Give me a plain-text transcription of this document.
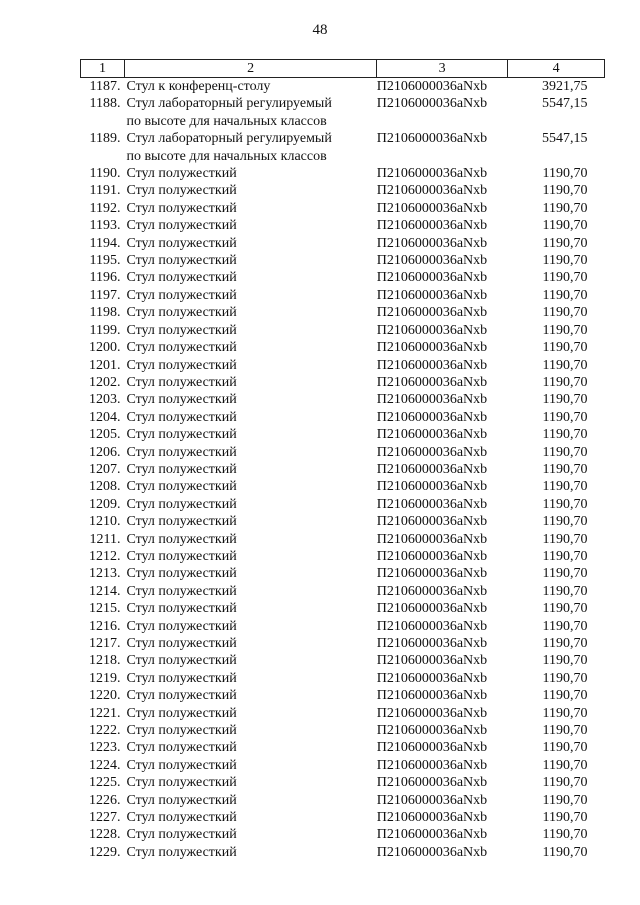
48
1	2	3	4
1187.	Стул к конференц-столу	П2106000036aNxb	3921,75
1188.	Стул лабораторный регулируемый
по высоте для начальных классов	П2106000036aNxb	5547,15
1189.	Стул лабораторный регулируемый
по высоте для начальных классов	П2106000036aNxb	5547,15
1190.	Стул полужесткий	П2106000036aNxb	1190,70
1191.	Стул полужесткий	П2106000036aNxb	1190,70
1192.	Стул полужесткий	П2106000036aNxb	1190,70
1193.	Стул полужесткий	П2106000036aNxb	1190,70
1194.	Стул полужесткий	П2106000036aNxb	1190,70
1195.	Стул полужесткий	П2106000036aNxb	1190,70
1196.	Стул полужесткий	П2106000036aNxb	1190,70
1197.	Стул полужесткий	П2106000036aNxb	1190,70
1198.	Стул полужесткий	П2106000036aNxb	1190,70
1199.	Стул полужесткий	П2106000036aNxb	1190,70
1200.	Стул полужесткий	П2106000036aNxb	1190,70
1201.	Стул полужесткий	П2106000036aNxb	1190,70
1202.	Стул полужесткий	П2106000036aNxb	1190,70
1203.	Стул полужесткий	П2106000036aNxb	1190,70
1204.	Стул полужесткий	П2106000036aNxb	1190,70
1205.	Стул полужесткий	П2106000036aNxb	1190,70
1206.	Стул полужесткий	П2106000036aNxb	1190,70
1207.	Стул полужесткий	П2106000036aNxb	1190,70
1208.	Стул полужесткий	П2106000036aNxb	1190,70
1209.	Стул полужесткий	П2106000036aNxb	1190,70
1210.	Стул полужесткий	П2106000036aNxb	1190,70
1211.	Стул полужесткий	П2106000036aNxb	1190,70
1212.	Стул полужесткий	П2106000036aNxb	1190,70
1213.	Стул полужесткий	П2106000036aNxb	1190,70
1214.	Стул полужесткий	П2106000036aNxb	1190,70
1215.	Стул полужесткий	П2106000036aNxb	1190,70
1216.	Стул полужесткий	П2106000036aNxb	1190,70
1217.	Стул полужесткий	П2106000036aNxb	1190,70
1218.	Стул полужесткий	П2106000036aNxb	1190,70
1219.	Стул полужесткий	П2106000036aNxb	1190,70
1220.	Стул полужесткий	П2106000036aNxb	1190,70
1221.	Стул полужесткий	П2106000036aNxb	1190,70
1222.	Стул полужесткий	П2106000036aNxb	1190,70
1223.	Стул полужесткий	П2106000036aNxb	1190,70
1224.	Стул полужесткий	П2106000036aNxb	1190,70
1225.	Стул полужесткий	П2106000036aNxb	1190,70
1226.	Стул полужесткий	П2106000036aNxb	1190,70
1227.	Стул полужесткий	П2106000036aNxb	1190,70
1228.	Стул полужесткий	П2106000036aNxb	1190,70
1229.	Стул полужесткий	П2106000036aNxb	1190,70
